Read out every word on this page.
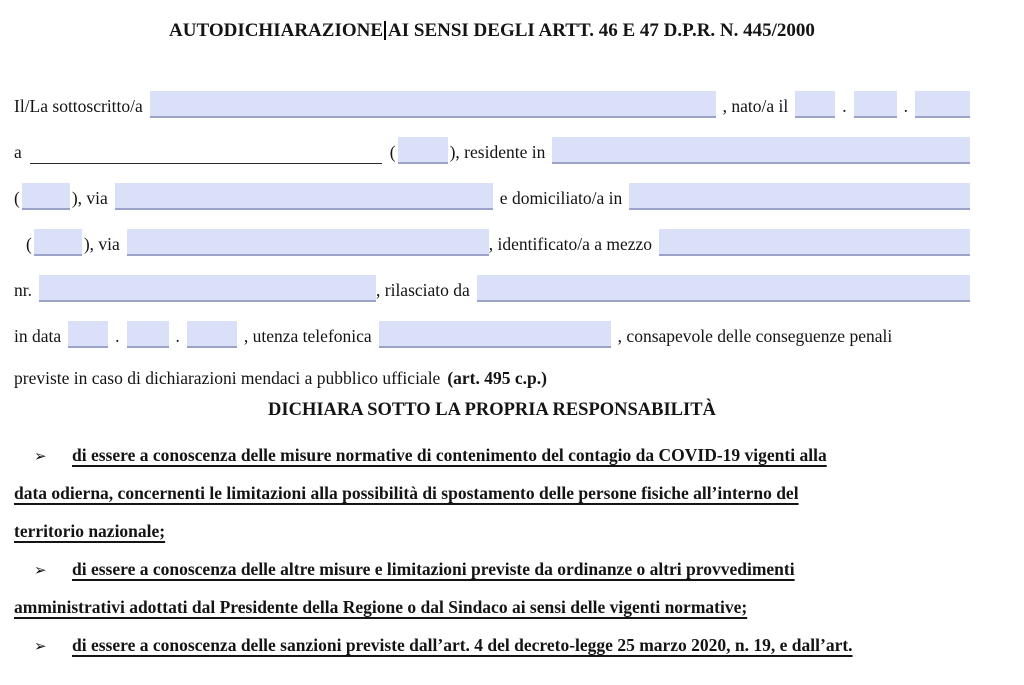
AUTODICHIARAZIONE AI SENSI DEGLI ARTT. 46 E 47 D.P.R. N. 445/2000
Il/La sottoscritto/a	, nato/a il	.	.
a	(	), residente in
(	), via	e domiciliato/a in
(	), via	, identificato/a a mezzo
nr.	, rilasciato da
in data	.	.	, utenza telefonica	, consapevole delle conseguenze penali
previste in caso di dichiarazioni mendaci a pubblico ufficiale (art. 495 c.p.)
DICHIARA SOTTO LA PROPRIA RESPONSABILITÀ
➢	di essere a conoscenza delle misure normative di contenimento del contagio da COVID-19 vigenti alla
data odierna, concernenti le limitazioni alla possibilità di spostamento delle persone fisiche all’interno del
territorio nazionale;
➢	di essere a conoscenza delle altre misure e limitazioni previste da ordinanze o altri provvedimenti
amministrativi adottati dal Presidente della Regione o dal Sindaco ai sensi delle vigenti normative;
➢	di essere a conoscenza delle sanzioni previste dall’art. 4 del decreto-legge 25 marzo 2020, n. 19, e dall’art.
